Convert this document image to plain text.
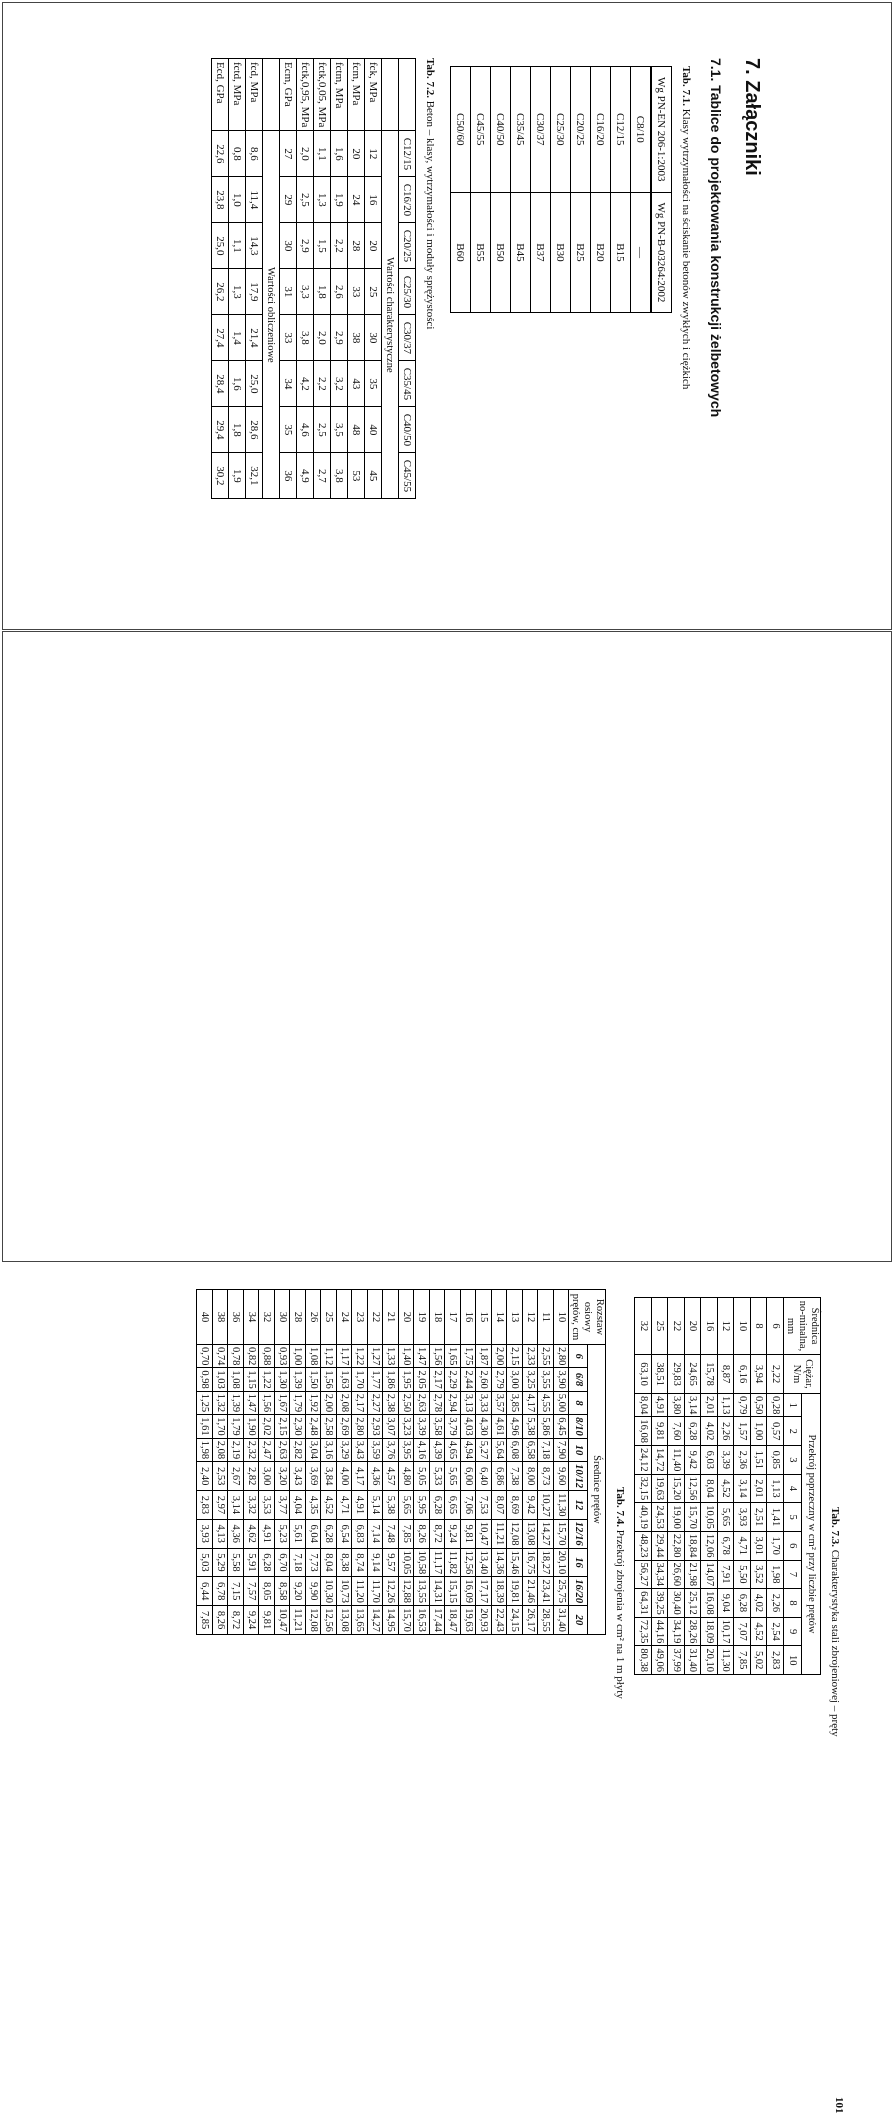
7. Załączniki
7.1. Tablice do projektowania konstrukcji żelbetowych
Tab. 7.1. Klasy wytrzymałości na ściskanie betonów zwykłych i ciężkich
Wg PN-EN 206-1:2003	Wg PN-B-03264:2002
C8/10	—
C12/15	B15
C16/20	B20
C20/25	B25
C25/30	B30
C30/37	B37
C35/45	B45
C40/50	B50
C45/55	B55
C50/60	B60
Tab. 7.2. Beton – klasy, wytrzymałości i moduły sprężystości
	C12/15	C16/20	C20/25	C25/30	C30/37	C35/45	C40/50	C45/55
	Wartości charakterystyczne							
fck, MPa	12	16	20	25	30	35	40	45
fcm, MPa	20	24	28	33	38	43	48	53
fctm, MPa	1,6	1,9	2,2	2,6	2,9	3,2	3,5	3,8
fctk,0,05, MPa	1,1	1,3	1,5	1,8	2,0	2,2	2,5	2,7
fctk,0,95, MPa	2,0	2,5	2,9	3,3	3,8	4,2	4,6	4,9
Ecm, GPa	27	29	30	31	33	34	35	36
	Wartości obliczeniowe							
fcd, MPa	8,6	11,4	14,3	17,9	21,4	25,0	28,6	32,1
fctd, MPa	0,8	1,0	1,1	1,3	1,4	1,6	1,8	1,9
Ecd, GPa	22,6	23,8	25,0	26,2	27,4	28,4	29,4	30,2
101
Tab. 7.3. Charakterystyka stali zbrojeniowej – pręty
Średnica no-minalna, mm	Ciężar, N/m	Przekrój poprzeczny w cm² przy liczbie prętów									
		1	2	3	4	5	6	7	8	9	10
6	2,22	0,28	0,57	0,85	1,13	1,41	1,70	1,98	2,26	2,54	2,83
8	3,94	0,50	1,00	1,51	2,01	2,51	3,01	3,52	4,02	4,52	5,02
10	6,16	0,79	1,57	2,36	3,14	3,93	4,71	5,50	6,28	7,07	7,85
12	8,87	1,13	2,26	3,39	4,52	5,65	6,78	7,91	9,04	10,17	11,30
16	15,78	2,01	4,02	6,03	8,04	10,05	12,06	14,07	16,08	18,09	20,10
20	24,65	3,14	6,28	9,42	12,56	15,70	18,84	21,98	25,12	28,26	31,40
22	29,83	3,80	7,60	11,40	15,20	19,00	22,80	26,60	30,40	34,19	37,99
25	38,51	4,91	9,81	14,72	19,63	24,53	29,44	34,34	39,25	44,16	49,06
32	63,10	8,04	16,08	24,12	32,15	40,19	48,23	56,27	64,31	72,35	80,38
Tab. 7.4. Przekrój zbrojenia w cm² na 1 m płyty
Rozstaw osiowy prętów, cm	Średnice prętów										
	6	6/8	8	8/10	10	10/12	12	12/16	16	16/20	20
10	2,80	3,90	5,00	6,45	7,90	9,60	11,30	15,70	20,10	25,75	31,40
11	2,55	3,55	4,55	5,86	7,18	8,73	10,27	14,27	18,27	23,41	28,55
12	2,33	3,25	4,17	5,38	6,58	8,00	9,42	13,08	16,75	21,46	26,17
13	2,15	3,00	3,85	4,96	6,08	7,38	8,69	12,08	15,46	19,81	24,15
14	2,00	2,79	3,57	4,61	5,64	6,86	8,07	11,21	14,36	18,39	22,43
15	1,87	2,60	3,33	4,30	5,27	6,40	7,53	10,47	13,40	17,17	20,93
16	1,75	2,44	3,13	4,03	4,94	6,00	7,06	9,81	12,56	16,09	19,63
17	1,65	2,29	2,94	3,79	4,65	5,65	6,65	9,24	11,82	15,15	18,47
18	1,56	2,17	2,78	3,58	4,39	5,33	6,28	8,72	11,17	14,31	17,44
19	1,47	2,05	2,63	3,39	4,16	5,05	5,95	8,26	10,58	13,55	16,53
20	1,40	1,95	2,50	3,23	3,95	4,80	5,65	7,85	10,05	12,88	15,70
21	1,33	1,86	2,38	3,07	3,76	4,57	5,38	7,48	9,57	12,26	14,95
22	1,27	1,77	2,27	2,93	3,59	4,36	5,14	7,14	9,14	11,70	14,27
23	1,22	1,70	2,17	2,80	3,43	4,17	4,91	6,83	8,74	11,20	13,65
24	1,17	1,63	2,08	2,69	3,29	4,00	4,71	6,54	8,38	10,73	13,08
25	1,12	1,56	2,00	2,58	3,16	3,84	4,52	6,28	8,04	10,30	12,56
26	1,08	1,50	1,92	2,48	3,04	3,69	4,35	6,04	7,73	9,90	12,08
28	1,00	1,39	1,79	2,30	2,82	3,43	4,04	5,61	7,18	9,20	11,21
30	0,93	1,30	1,67	2,15	2,63	3,20	3,77	5,23	6,70	8,58	10,47
32	0,88	1,22	1,56	2,02	2,47	3,00	3,53	4,91	6,28	8,05	9,81
34	0,82	1,15	1,47	1,90	2,32	2,82	3,32	4,62	5,91	7,57	9,24
36	0,78	1,08	1,39	1,79	2,19	2,67	3,14	4,36	5,58	7,15	8,72
38	0,74	1,03	1,32	1,70	2,08	2,53	2,97	4,13	5,29	6,78	8,26
40	0,70	0,98	1,25	1,61	1,98	2,40	2,83	3,93	5,03	6,44	7,85
